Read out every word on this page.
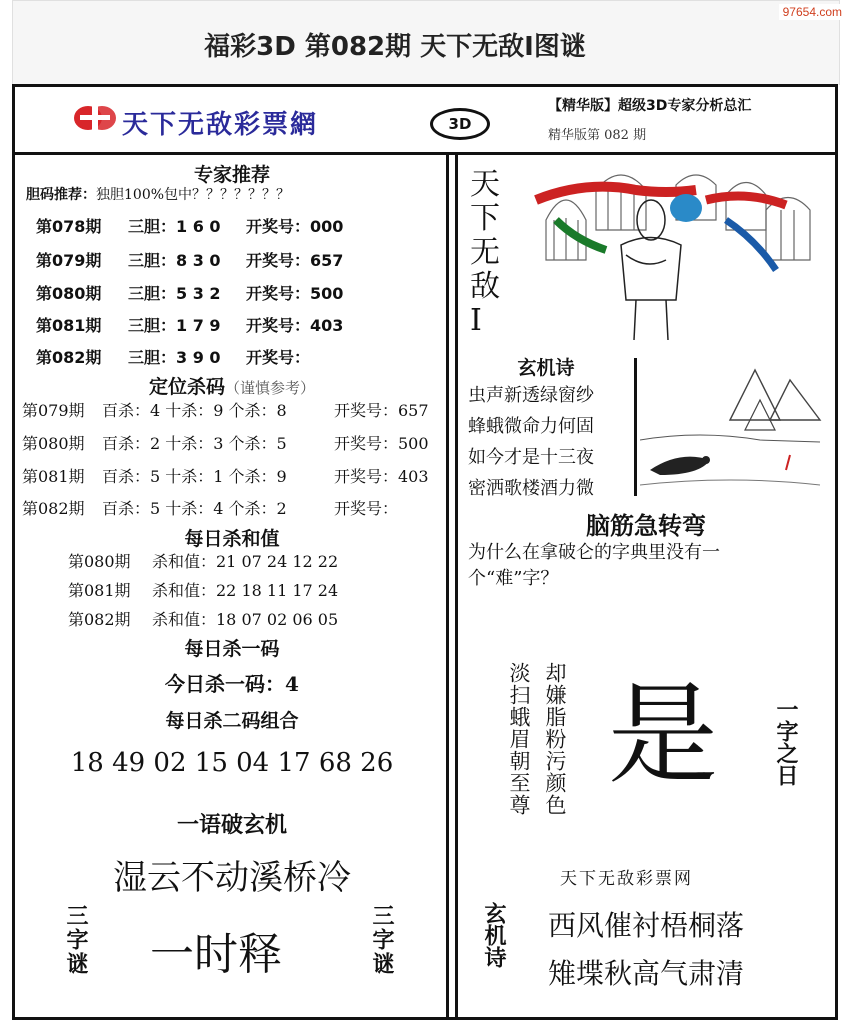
福彩3D 第082期 天下无敌Ⅰ图谜
97654.com
天下无敌彩票網	3D
【精华版】超级3D专家分析总汇
精华版第 082 期
专家推荐
胆码推荐：独胆100%包中？？？？？？？
第078期 三胆：1 6 0 开奖号：000
第079期 三胆：8 3 0 开奖号：657
第080期 三胆：5 3 2 开奖号：500
第081期 三胆：1 7 9 开奖号：403
第082期 三胆：3 9 0 开奖号：
定位杀码（谨慎参考）
第079期 百杀：4 十杀：9 个杀：8	开奖号：657
第080期 百杀：2 十杀：3 个杀：5	开奖号：500
第081期 百杀：5 十杀：1 个杀：9	开奖号：403
第082期 百杀：5 十杀：4 个杀：2	开奖号：
每日杀和值
第080期 杀和值：21 07 24 12 22
第081期 杀和值：22 18 11 17 24
第082期 杀和值：18 07 02 06 05
每日杀一码
今日杀一码：4
每日杀二码组合
18 49 02 15 04 17 68 26
一语破玄机
湿云不动溪桥冷
三字谜 一时释	三字谜
天下无敌Ⅰ
玄机诗
虫声新透绿窗纱
蜂蛾微命力何固
如今才是十三夜
密洒歌楼酒力微
脑筋急转弯
为什么在拿破仑的字典里没有一个“难”字？
却嫌脂粉污颜色
淡扫蛾眉朝至尊 是	一字之日
天下无敌彩票网
玄机诗 西风催衬梧桐落
雉堞秋高气肃清
